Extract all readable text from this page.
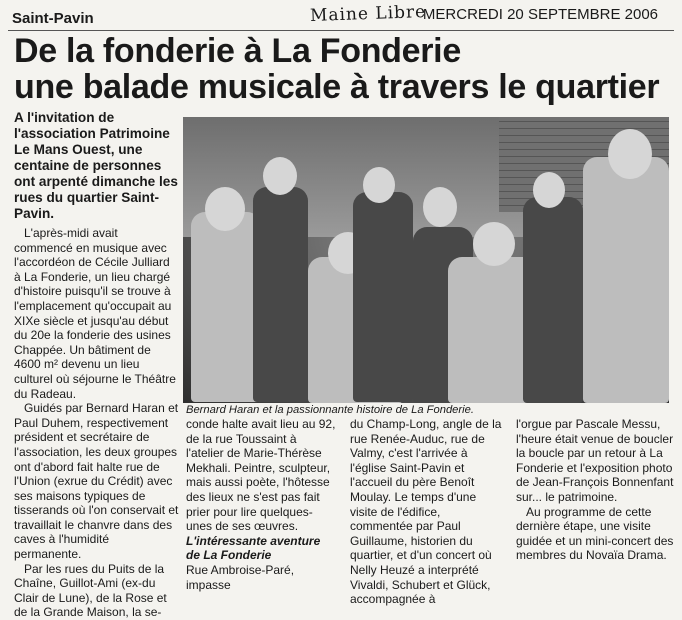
Saint-Pavin	Maine Libre
MERCREDI 20 SEPTEMBRE 2006
De la fonderie à La Fonderie
une balade musicale à travers le quartier
A l'invitation de l'association Patrimoine Le Mans Ouest, une centaine de personnes ont arpenté dimanche les rues du quartier Saint-Pavin.

L'après-midi avait commencé en musique avec l'accordéon de Cécile Julliard à La Fonderie, un lieu chargé d'histoire puisqu'il se trouve à l'emplacement qu'occupait au XIXe siècle et jusqu'au début du 20e la fonderie des usines Chappée. Un bâtiment de 4600 m² devenu un lieu culturel où séjourne le Théâtre du Radeau.

Guidés par Bernard Haran et Paul Duhem, respectivement président et secrétaire de l'association, les deux groupes ont d'abord fait halte rue de l'Union (exrue du Crédit) avec ses maisons typiques de tisserands où l'on conservait et travaillait le chanvre dans des caves à l'humidité permanente.

Par les rues du Puits de la Chaîne, Guillot-Ami (ex-du Clair de Lune), de la Rose et de la Grande Maison, la se-

Bernard Haran et la passionnante histoire de La Fonderie.

conde halte avait lieu au 92, de la rue Toussaint à l'atelier de Marie-Thérèse Mekhali. Peintre, sculpteur, mais aussi poète, l'hôtesse des lieux ne s'est pas fait prier pour lire quelques-unes de ses œuvres.

L'intéressante aventure de La Fonderie

Rue Ambroise-Paré, impasse

du Champ-Long, angle de la rue Renée-Auduc, rue de Valmy, c'est l'arrivée à l'église Saint-Pavin et l'accueil du père Benoît Moulay. Le temps d'une visite de l'édifice, commentée par Paul Guillaume, historien du quartier, et d'un concert où Nelly Heuzé a interprété Vivaldi, Schubert et Glück, accompagnée à

l'orgue par Pascale Messu, l'heure était venue de boucler la boucle par un retour à La Fonderie et l'exposition photo de Jean-François Bonnenfant sur... le patrimoine.

Au programme de cette dernière étape, une visite guidée et un mini-concert des membres du Novaïa Drama.
